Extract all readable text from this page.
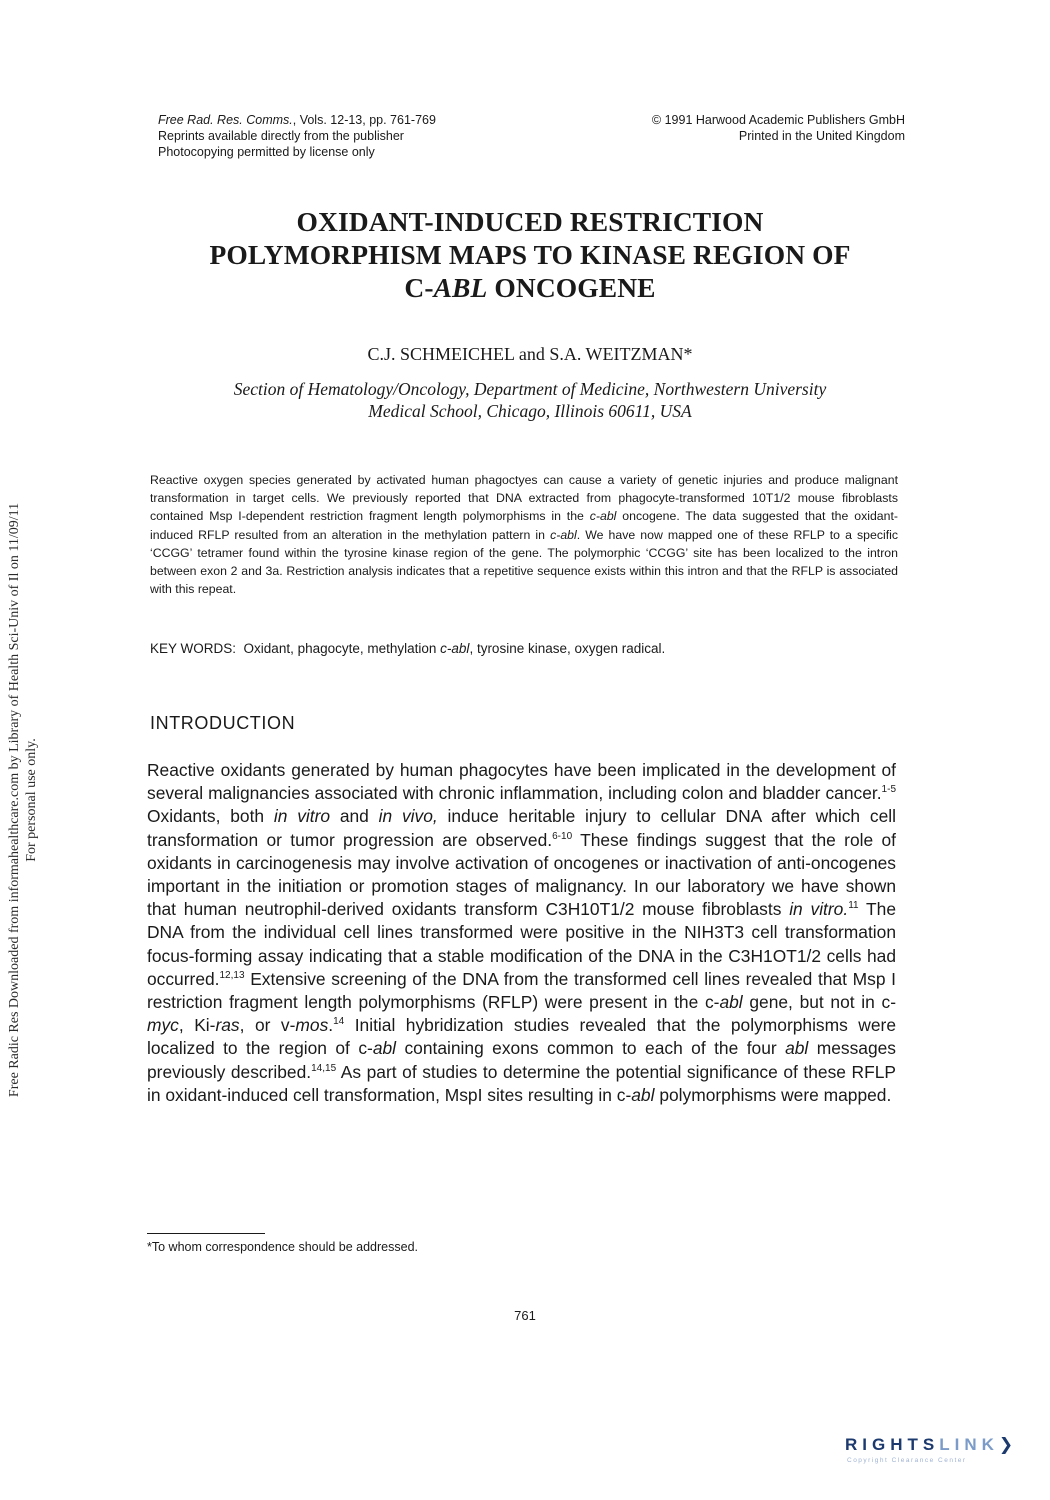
Free Rad. Res. Comms., Vols. 12-13, pp. 761-769
Reprints available directly from the publisher
Photocopying permitted by license only
© 1991 Harwood Academic Publishers GmbH
Printed in the United Kingdom
Free Radic Res Downloaded from informahealthcare.com by Library of Health Sci-Univ of Il on 11/09/11 For personal use only.
OXIDANT-INDUCED RESTRICTION
POLYMORPHISM MAPS TO KINASE REGION OF
C-ABL ONCOGENE
C.J. SCHMEICHEL and S.A. WEITZMAN*
Section of Hematology/Oncology, Department of Medicine, Northwestern University
Medical School, Chicago, Illinois 60611, USA
Reactive oxygen species generated by activated human phagoctyes can cause a variety of genetic injuries and produce malignant transformation in target cells. We previously reported that DNA extracted from phagocyte-transformed 10T1/2 mouse fibroblasts contained Msp I-dependent restriction fragment length polymorphisms in the c-abl oncogene. The data suggested that the oxidant-induced RFLP resulted from an alteration in the methylation pattern in c-abl. We have now mapped one of these RFLP to a specific ‘CCGG’ tetramer found within the tyrosine kinase region of the gene. The polymorphic ‘CCGG’ site has been localized to the intron between exon 2 and 3a. Restriction analysis indicates that a repetitive sequence exists within this intron and that the RFLP is associated with this repeat.
KEY WORDS: Oxidant, phagocyte, methylation c-abl, tyrosine kinase, oxygen radical.
INTRODUCTION
Reactive oxidants generated by human phagocytes have been implicated in the development of several malignancies associated with chronic inflammation, including colon and bladder cancer.$^{1-5}$ Oxidants, both in vitro and in vivo, induce heritable injury to cellular DNA after which cell transformation or tumor progression are observed.$^{6-10}$ These findings suggest that the role of oxidants in carcinogenesis may involve activation of oncogenes or inactivation of anti-oncogenes important in the initiation or promotion stages of malignancy. In our laboratory we have shown that human neutrophil-derived oxidants transform C3H10T1/2 mouse fibroblasts in vitro.$^{11}$ The DNA from the individual cell lines transformed were positive in the NIH3T3 cell transformation focus-forming assay indicating that a stable modification of the DNA in the C3H1OT1/2 cells had occurred.$^{12,13}$ Extensive screening of the DNA from the transformed cell lines revealed that Msp I restriction fragment length polymorphisms (RFLP) were present in the c-abl gene, but not in c-myc, Ki-ras, or v-mos.$^{14}$ Initial hybridization studies revealed that the polymorphisms were localized to the region of c-abl containing exons common to each of the four abl messages previously described.$^{14,15}$ As part of studies to determine the potential significance of these RFLP in oxidant-induced cell transformation, MspI sites resulting in c-abl polymorphisms were mapped.
*To whom correspondence should be addressed.
761
RIGHTSLINK❯
Copyright Clearance Center
